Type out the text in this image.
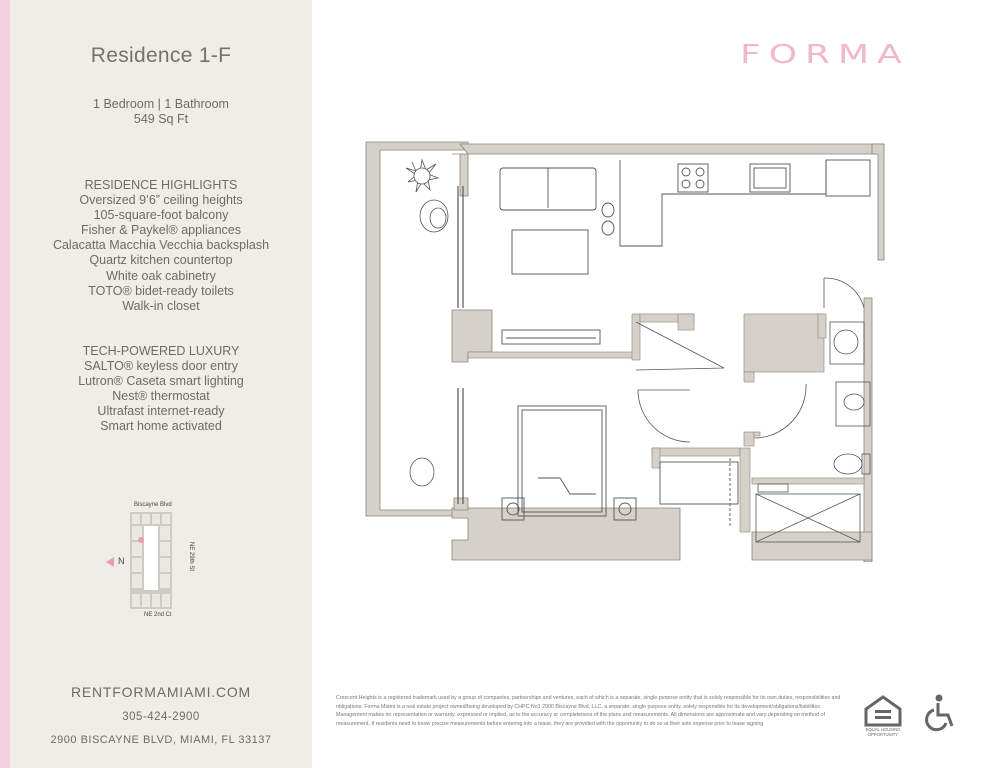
Residence 1-F
1 Bedroom | 1 Bathroom
549 Sq Ft
RESIDENCE HIGHLIGHTS
Oversized 9’6” ceiling heights
105-square-foot balcony
Fisher & Paykel® appliances
Calacatta Macchia Vecchia backsplash
Quartz kitchen countertop
White oak cabinetry
TOTO® bidet-ready toilets
Walk-in closet
TECH-POWERED LUXURY
SALTO® keyless door entry
Lutron® Caseta smart lighting
Nest® thermostat
Ultrafast internet-ready
Smart home activated
Biscayne Blvd
N	NE 29th St
NE 2nd Ct
RENTFORMAMIAMI.COM
305-424-2900
2900 BISCAYNE BLVD, MIAMI, FL 33137
FORMA
Crescent Heights is a registered trademark used by a group of companies, partnerships and ventures, each of which is a separate, single purpose entity that is solely responsible for its own duties, responsibilities and obligations. Forma Miami is a real estate project owned/being developed by CHPC No1 2900 Biscayne Blvd, LLC, a separate, single purpose entity, solely responsible for its development/obligations/liabilities. Management makes no representation or warranty, expressed or implied, as to the accuracy or completeness of the plans and measurements. All dimensions are approximate and vary depending on method of measurement. If residents need to know precise measurements before entering into a lease, they are provided with the opportunity to do so at their sole expense prior to lease signing.
EQUAL HOUSING
OPPORTUNITY
